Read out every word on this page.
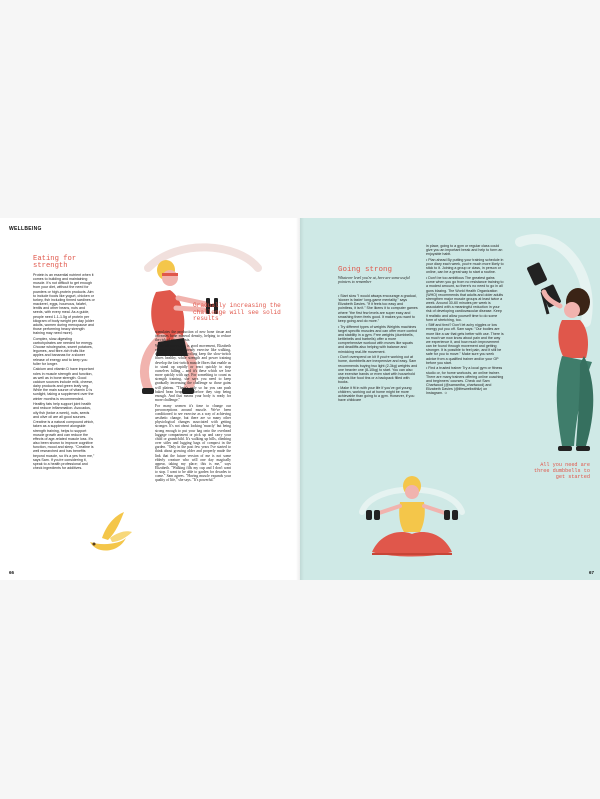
WELLBEING
Eating for strength

Protein is an essential nutrient when it comes to building and maintaining muscle. It's not difficult to get enough from your diet, without the need for powders or high-protein products. Aim to include foods like yogurt, chicken or turkey, fish including tinned sardines or mackerel, eggs, houmous, falafel, lentils and other beans, nuts and seeds, with every meal. As a guide, people need 1.1-1.5g of protein per kilogram of body weight per day (older adults, women during menopause and those performing heavy strength training may need more).

Complex, slow-digesting carbohydrates are needed for energy. Choose wholegrains, sweet potatoes, legumes, and fibre-rich fruits like apples and bananas for a slower release of energy and to keep you fuller for longer.

Calcium and vitamin D have important roles in muscle strength and function, as well as in bone strength. Good calcium sources include milk, cheese, dairy products and green leafy veg. While the main source of vitamin D is sunlight, taking a supplement over the winter months is recommended.

Healthy fats help support joint health and reduce inflammation. Avocados, oily fish (twice a week), nuts, seeds and olive oil are all good sources.

Creatine is a natural compound which, taken as a supplement alongside strength training, helps to support muscle growth and can reduce the effects of age-related muscle loss. It's also been shown to improve cognitive function, mood and sleep. "Creatine is well researched and has benefits beyond muscle, so it's a yes from me," says Sam. If you're considering it, speak to a health professional and check ingredients for additives.

Gradually increasing the challenge will see solid results

stimulates the production of new bone tissue and increases bone mineral density, helping to reduce the risk of osteoporosis.

While all movement is good movement, Elizabeth explains that long, steady exercise like walking, distance running or cycling keep the slow-twitch fibres healthy, while strength and power training develop the fast-twitch muscle fibres that enable us to stand up rapidly or react quickly to stop ourselves falling – and it's these which we lose more quickly with age. For something to count as strength training, she says you need to keep gradually increasing the challenge so those gains will plateau. "There's only so far you can push baked bean heap curls before they stop being enough. And that means your body is ready for more challenge."

For many women it's time to change our preconceptions around muscle. We've been conditioned to see exercise as a way of achieving aesthetic change, but there are so many other physiological changes associated with getting stronger. It's not about looking 'muscly' but being strong enough to put your bag onto the overhead luggage compartment or pick up and carry your child or grandchild. It's walking up hills, climbing over stiles and lugging bags of compost in the garden. "Only in the past few years I've started to think about growing older and properly made the link that the future version of me is not some elderly creature who will one day magically appear, taking my place; this is me," says Elizabeth. "Walking fills my cup and I don't want to stop. I want to be able to garden for decades to come." Sam agrees. "Having muscle expands your quality of life," she says. "It's powerful."

66
Going strong
Whatever level you're at, here are some useful pointers to remember

• Start slow "I would always encourage a gradual, 'slower is faster' long-game mentality," says Elizabeth Davies. "If it feels too easy and pointless, it isn't." She likens it to computer games where "the first few levels are super easy and smashing them feels good. It makes you want to keep going and do more."

• Try different types of weights Weights machines target specific muscles and can offer more control and stability in a gym. Free weights (dumbbells, kettlebells and barbells) offer a more comprehensive workout with moves like squats and deadlifts also helping with balance and mimicking real-life movement.

• Don't overspend on kit If you're working out at home, dumbbells are inexpensive and easy. Sam recommends buying two light (2-3kg) weights and one heavier one (8-10kg) to start. You can also use exercise bands or even start with household objects like food tins or a backpack filled with books.

• Make it fit in with your life If you've got young children, working out at home might be more achievable than going to a gym. However, if you have childcare

in place, going to a gym or regular class could give you an important break and help to form an enjoyable habit.

• Plan ahead By putting your training schedule in your diary each week, you're much more likely to stick to it. Joining a group or class, in person or online, can be a great way to start a routine.

• Don't be too ambitious The greatest gains come when you go from no resistance training to a modest amount, so there's no need to go in all guns blazing. The World Health Organization (WHO) recommends that adults and older adults strengthen major muscle groups at least twice a week. Around 30-60 minutes per week is associated with a meaningful reduction in your risk of developing cardiovascular disease. Keep it realistic and allow yourself time to do some form of stretching, too.

• Stiff and tired? Don't let achy niggles or low energy put you off. Sam says: "Our bodies are more like a car that gets better with use. There is so much we now know about pain and the way we experience it, and how much improvement can be found through movement and getting stronger. It is possible to feel pain, and it still be safe for you to move." Make sure you seek advice from a qualified trainer and/or your GP before you start.

• Find a trusted trainer Try a local gym or fitness studio or, for home workouts, an online trainer. There are many trainers offering online coaching and beginners' courses. Check out Sam Charlwood (@samantha_charlwood) and Elizabeth Davies (@lifeswellwithliz) on Instagram. ☺

All you need are three dumbbells to get started
67
